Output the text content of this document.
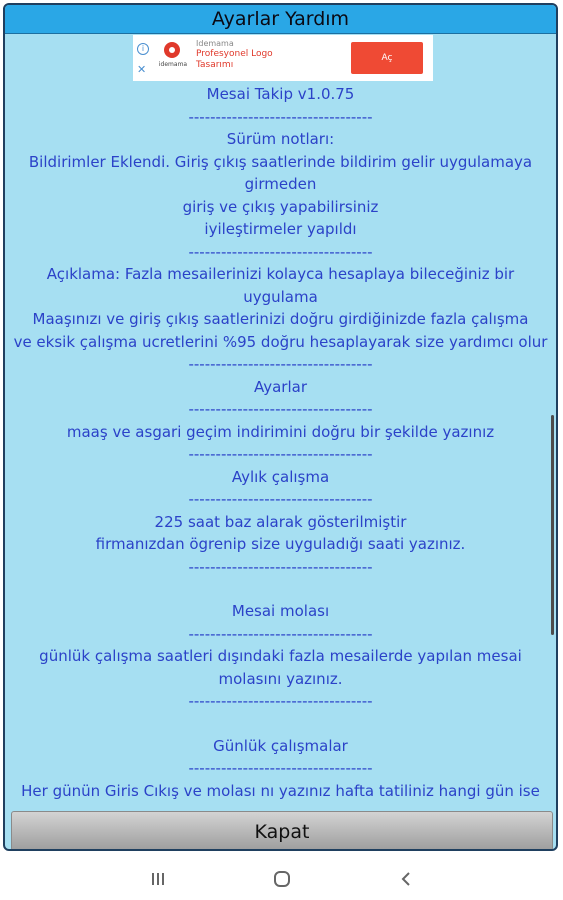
Ayarlar Yardım
i
✕	idemama
Idemama
Profesyonel Logo Tasarımı
Aç

Mesai Takip v1.0.75

----------------------------------

Sürüm notları:

Bildirimler Eklendi. Giriş çıkış saatlerinde bildirim gelir uygulamaya girmeden

giriş ve çıkış yapabilirsiniz

iyileştirmeler yapıldı

----------------------------------

Açıklama: Fazla mesailerinizi kolayca hesaplaya bileceğiniz bir uygulama

Maaşınızı ve giriş çıkış saatlerinizi doğru girdiğinizde fazla çalışma

ve eksik çalışma ucretlerini %95 doğru hesaplayarak size yardımcı olur

----------------------------------

Ayarlar

----------------------------------

maaş ve asgari geçim indirimini doğru bir şekilde yazınız

----------------------------------

Aylık çalışma

----------------------------------

225 saat baz alarak gösterilmiştir

firmanızdan ögrenip size uyguladığı saati yazınız.

----------------------------------

Mesai molası

----------------------------------

günlük çalışma saatleri dışındaki fazla mesailerde yapılan mesai molasını yazınız.

----------------------------------

Günlük çalışmalar

----------------------------------

Her günün Giris Cıkış ve molası nı yazınız hafta tatiliniz hangi gün ise

Kapat
